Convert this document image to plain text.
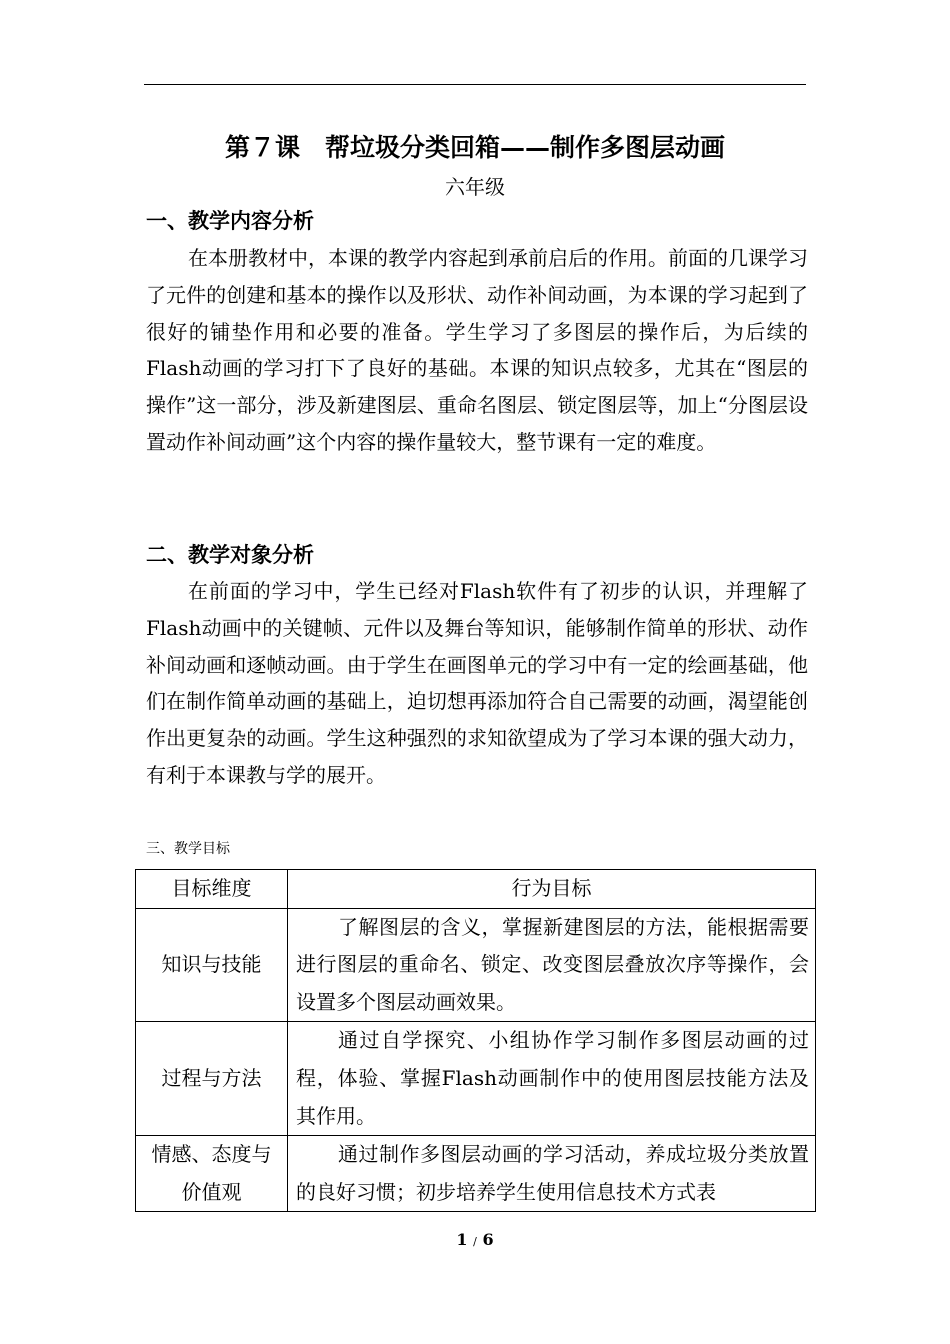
第７课　帮垃圾分类回箱——制作多图层动画
六年级
一、教学内容分析

在本册教材中，本课的教学内容起到承前启后的作用。前面的几课学习了元件的创建和基本的操作以及形状、动作补间动画，为本课的学习起到了很好的铺垫作用和必要的准备。学生学习了多图层的操作后，为后续的Flash动画的学习打下了良好的基础。本课的知识点较多，尤其在“图层的操作”这一部分，涉及新建图层、重命名图层、锁定图层等，加上“分图层设置动作补间动画”这个内容的操作量较大，整节课有一定的难度。

二、教学对象分析

在前面的学习中，学生已经对Flash软件有了初步的认识，并理解了Flash动画中的关键帧、元件以及舞台等知识，能够制作简单的形状、动作补间动画和逐帧动画。由于学生在画图单元的学习中有一定的绘画基础，他们在制作简单动画的基础上，迫切想再添加符合自己需要的动画，渴望能创作出更复杂的动画。学生这种强烈的求知欲望成为了学习本课的强大动力，有利于本课教与学的展开。

三、教学目标
目标维度	行为目标
知识与技能	了解图层的含义，掌握新建图层的方法，能根据需要进行图层的重命名、锁定、改变图层叠放次序等操作，会设置多个图层动画效果。
过程与方法	通过自学探究、小组协作学习制作多图层动画的过程，体验、掌握Flash动画制作中的使用图层技能方法及其作用。

情感、态度与
价值观	通过制作多图层动画的学习活动，养成垃圾分类放置的良好习惯；初步培养学生使用信息技术方式表
1 / 6
